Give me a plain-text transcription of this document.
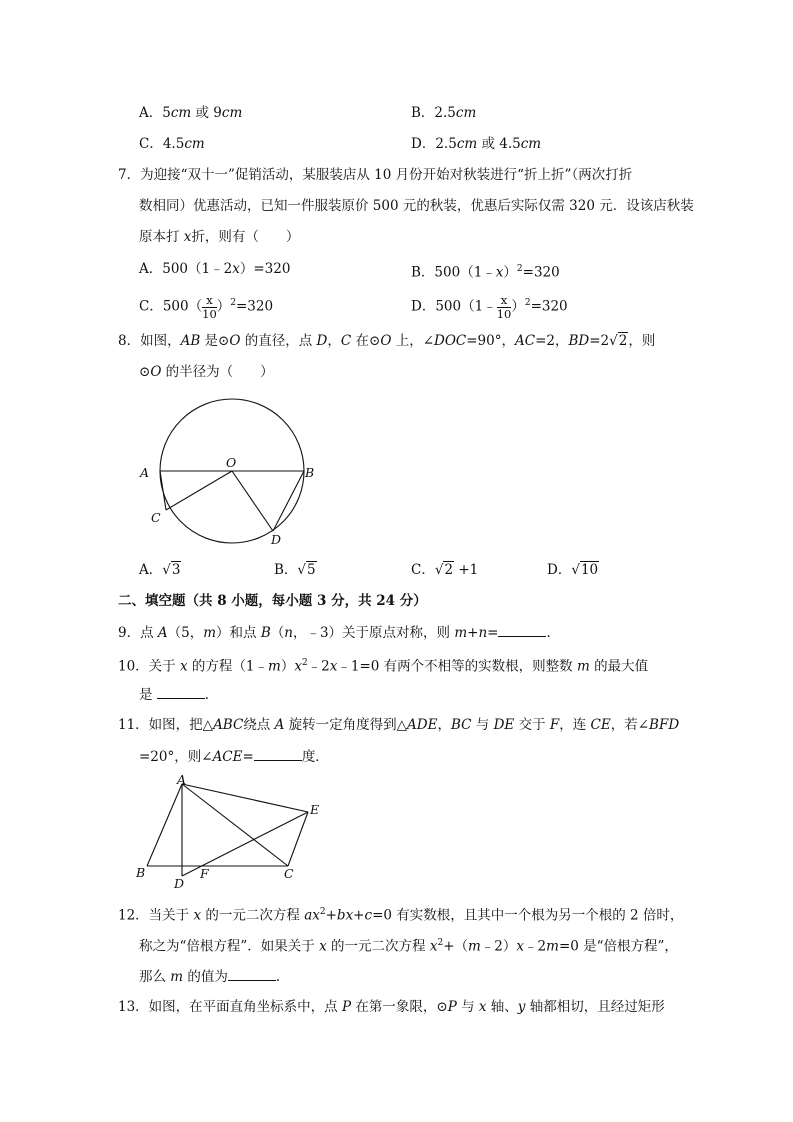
A．5cm 或 9cm	B．2.5cm
C．4.5cm	D．2.5cm 或 4.5cm
7．为迎接“双十一”促销活动，某服装店从 10 月份开始对秋装进行“折上折”（两次打折
数相同）优惠活动，已知一件服装原价 500 元的秋装，优惠后实际仅需 320 元．设该店秋装
原本打 x折，则有（　　）
A．500（1﹣2x）=320	B．500（1﹣x）$^2$=320
C．$500( \frac{x}{10} )^2=320$	D．500（1﹣ $\frac{x}{10} )^2=320$
8．如图，AB 是⊙O 的直径，点 D，C 在⊙O 上，∠DOC=90°，AC=2，BD=2√2，则
⊙O 的半径为（　　）
A	B
O
C
D
A．√3	B．√5	C．√2 +1	D．√10
二、填空题（共 8 小题，每小题 3 分，共 24 分）
9．点 A（5，m）和点 B（n，﹣3）关于原点对称，则 m+n=	．
10．关于 x 的方程$(1﹣m)x^2﹣2x﹣1=0$ 有两个不相等的实数根，则整数 m 的最大值
是	．
11．如图，把△ABC绕点 A 旋转一定角度得到△ADE，BC 与 DE 交于 F，连 CE，若∠BFD
=20°，则∠ACE=	度．
A
B	C
D
E
F
12．当关于 x 的一元二次方程 $ax^2+bx+c=0$ 有实数根，且其中一个根为另一个根的 2 倍时，
称之为“倍根方程”．如果关于 x 的一元二次方程 $x^2+(m﹣2)x﹣2m=0$ 是“倍根方程”，
那么 m 的值为	．
13．如图，在平面直角坐标系中，点 P 在第一象限，⊙P 与 x 轴、y 轴都相切，且经过矩形
